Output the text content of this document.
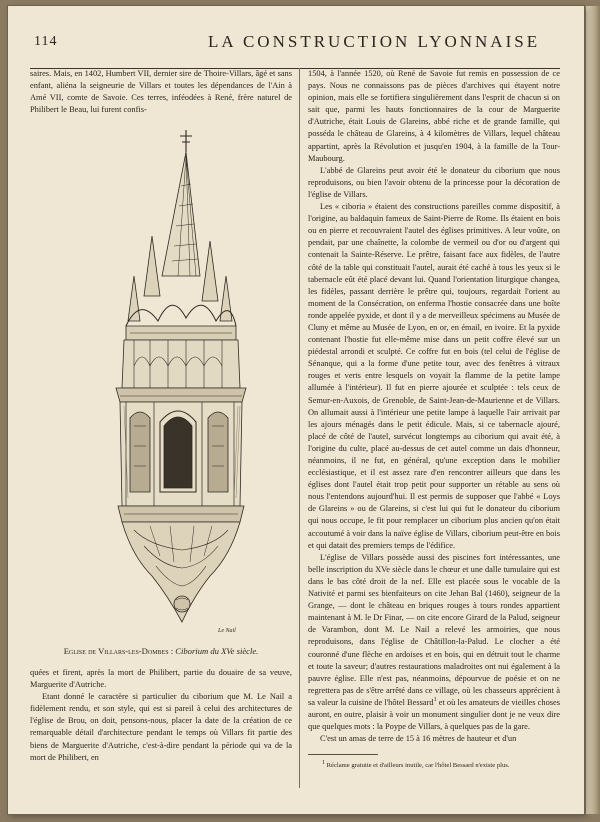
114	LA CONSTRUCTION LYONNAISE

saires. Mais, en 1402, Humbert VII, dernier sire de Thoire-Villars, âgé et sans enfant, aliéna la seigneurie de Villars et toutes les dépendances de l'Ain à Amé VII, comte de Savoie. Ces terres, inféodées à René, frère naturel de Philibert le Beau, lui furent confis-

Le Nail
Eglise de Villars-les-Dombes : Ciborium du XVe siècle.

quées et firent, après la mort de Philibert, partie du douaire de sa veuve, Marguerite d'Autriche.

Etant donné le caractère si particulier du ciborium que M. Le Nail a fidèlement rendu, et son style, qui est si pareil à celui des architectures de l'église de Brou, on doit, pensons-nous, placer la date de la création de ce remarquable détail d'architecture pendant le temps où Villars fit partie des biens de Marguerite d'Autriche, c'est-à-dire pendant la période qui va de la mort de Philibert, en

1504, à l'année 1520, où René de Savoie fut remis en possession de ce pays. Nous ne connaissons pas de pièces d'archives qui étayent notre opinion, mais elle se fortifiera singulièrement dans l'esprit de chacun si on sait que, parmi les hauts fonctionnaires de la cour de Marguerite d'Autriche, était Louis de Glareins, abbé riche et de grande famille, qui posséda le château de Glareins, à 4 kilomètres de Villars, lequel château appartint, après la Révolution et jusqu'en 1904, à la famille de la Tour-Maubourg.

L'abbé de Glareins peut avoir été le donateur du ciborium que nous reproduisons, ou bien l'avoir obtenu de la princesse pour la décoration de l'église de Villars.

Les « ciboria » étaient des constructions pareilles comme dispositif, à l'origine, au baldaquin fameux de Saint-Pierre de Rome. Ils étaient en bois ou en pierre et recouvraient l'autel des églises primitives. A leur voûte, on pendait, par une chaînette, la colombe de vermeil ou d'or ou d'argent qui contenait la Sainte-Réserve. Le prêtre, faisant face aux fidèles, de l'autre côté de la table qui constituait l'autel, aurait été caché à tous les yeux si le tabernacle eût été placé devant lui. Quand l'orientation liturgique changea, les fidèles, passant derrière le prêtre qui, toujours, regardait l'orient au moment de la Consécration, on enferma l'hostie consacrée dans une boîte ronde appelée pyxide, et dont il y a de merveilleux spécimens au Musée de Cluny et même au Musée de Lyon, en or, en émail, en ivoire. Et la pyxide contenant l'hostie fut elle-même mise dans un petit coffre élevé sur un piédestal arrondi et sculpté. Ce coffre fut en bois (tel celui de l'église de Sénanque, qui a la forme d'une petite tour, avec des fenêtres à vitraux rouges et verts entre lesquels on voyait la flamme de la petite lampe allumée à l'intérieur). Il fut en pierre ajourée et sculptée : tels ceux de Semur-en-Auxois, de Grenoble, de Saint-Jean-de-Maurienne et de Villars. On allumait aussi à l'intérieur une petite lampe à laquelle l'air arrivait par les ajours ménagés dans le petit édicule. Mais, si ce tabernacle ajouré, placé de côté de l'autel, survécut longtemps au ciborium qui avait été, à l'origine du culte, placé au-dessus de cet autel comme un dais d'honneur, néanmoins, il ne fut, en général, qu'une exception dans le mobilier ecclésiastique, et il est assez rare d'en rencontrer ailleurs que dans les églises dont l'autel était trop petit pour supporter un rétable au sens où nous l'entendons aujourd'hui. Il est permis de supposer que l'abbé « Loys de Glareins » ou de Glareins, si c'est lui qui fut le donateur du ciborium qui nous occupe, le fit pour remplacer un ciborium plus ancien qu'on était accoutumé à voir dans la naïve église de Villars, ciborium peut-être en bois et qui datait des premiers temps de l'édifice.

L'église de Villars possède aussi des piscines fort intéressantes, une belle inscription du XVe siècle dans le chœur et une dalle tumulaire qui est dans le bas côté droit de la nef. Elle est placée sous le vocable de la Nativité et parmi ses bienfaiteurs on cite Jehan Bal (1460), seigneur de la Grange, — dont le château en briques rouges à tours rondes appartient maintenant à M. le Dr Finar, — on cite encore Girard de la Palud, seigneur de Varambon, dont M. Le Nail a relevé les armoiries, que nous reproduisons, dans l'église de Châtillon-la-Palud. Le clocher a été couronné d'une flèche en ardoises et en bois, qui en détruit tout le charme et toute la saveur; d'autres restaurations maladroites ont nui également à la pauvre église. Elle n'est pas, néanmoins, dépourvue de poésie et on ne regrettera pas de s'être arrêté dans ce village, où les chasseurs apprécient à sa valeur la cuisine de l'hôtel Bessard$^1$ et où les amateurs de vieilles choses auront, en outre, plaisir à voir un monument singulier dont je ne veux dire que quelques mots : la Poype de Villars, à quelques pas de la gare.

C'est un amas de terre de 15 à 16 mètres de hauteur et d'un

$^1$ Réclame gratuite et d'ailleurs inutile, car l'hôtel Bessard n'existe plus.
